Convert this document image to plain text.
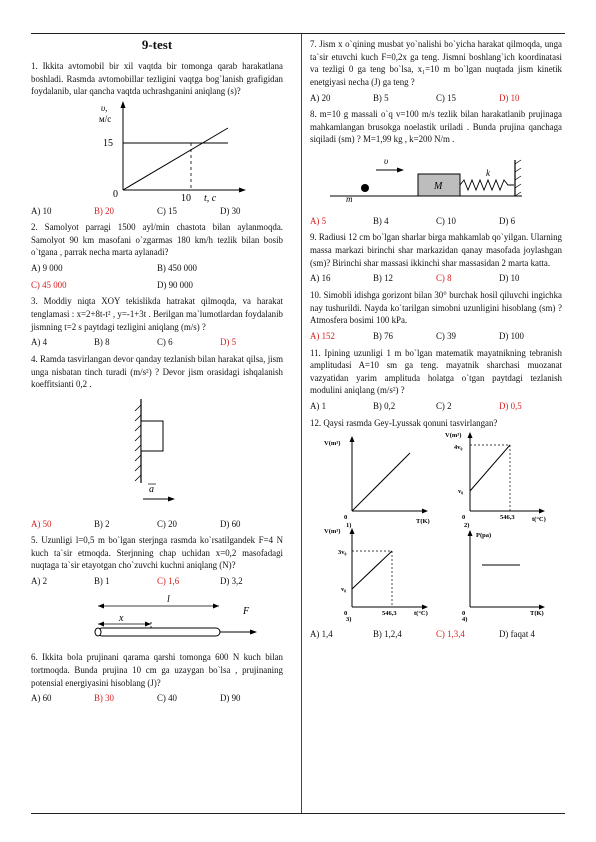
9-test

1. Ikkita avtomobil bir xil vaqtda bir tomonga qarab harakatlana boshladi. Rasmda avtomobillar tezligini vaqtga bog`lanish grafigidan foydalanib, ular qancha vaqtda uchrashganini aniqlang (s)?

υ,
м/с
15
0	10 t, c
A) 10	B) 20	C) 15	D) 30

2. Samolyot parragi 1500 ayl/min chastota bilan aylanmoqda. Samolyot 90 km masofani o`zgarmas 180 km/h tezlik bilan bosib o`tgana , parrak necha marta aylanadi?

A) 9 000	B) 450 000
C) 45 000	D) 90 000

3. Moddiy niqta XOY tekislikda hatrakat qilmoqda, va harakat tenglamasi : x=2+8t-t² , y=-1+3t . Berilgan ma`lumotlardan foydalanib jismning t=2 s paytdagi tezligini aniqlang (m/s) ?

A) 4	B) 8	C) 6	D) 5

4. Ramda tasvirlangan devor qanday tezlanish bilan harakat qilsa, jism unga nisbatan tinch turadi (m/s²) ? Devor jism orasidagi ishqalanish koeffitsianti 0,2 .

a
A) 50	B) 2	C) 20	D) 60

5. Uzunligi l=0,5 m bo`lgan sterjnga rasmda ko`rsatilgandek F=4 N kuch ta`sir etmoqda. Sterjnning chap uchidan x=0,2 masofadagi nuqtaga ta`sir etayotgan cho`zuvchi kuchni aniqlang (N)?

A) 2	B) 1	C) 1,6	D) 3,2
l
x
F

6. Ikkita bola prujinani qarama qarshi tomonga 600 N kuch bilan tortmoqda. Bunda prujina 10 cm ga uzaygan bo`lsa , prujinaning potensial energiyasini hisoblang (J)?

A) 60	B) 30	C) 40	D) 90

7. Jism x o`qining musbat yo`nalishi bo`yicha harakat qilmoqda, unga ta`sir etuvchi kuch F=0,2x ga teng. Jismni boshlang`ich koordinatasi va tezligi 0 ga teng bo`lsa, x₁=10 m bo`lgan nuqtada jism kinetik enetgiyasi necha (J) ga teng ?

A) 20	B) 5	C) 15	D) 10

8. m=10 g massali o`q v=100 m/s tezlik bilan harakatlanib prujinaga mahkamlangan brusokga noelastik uriladi . Bunda prujina qanchaga siqiladi (sm) ? M=1,99 kg , k=200 N/m .

m
υ
M
k
A) 5	B) 4	C) 10	D) 6

9. Radiusi 12 cm bo`lgan sharlar birga mahkamlab qo`yilgan. Ularning massa markazi birinchi shar markazidan qanay masofada joylashgan (sm)? Birinchi shar massasi ikkinchi shar massasidan 2 marta katta.

A) 16	B) 12	C) 8	D) 10

10. Simobli idishga gorizont bilan 30° burchak hosil qiluvchi ingichka nay tushurildi. Nayda ko`tarilgan simobni uzunligini hisoblang (sm) ? Atmosfera bosimi 100 kPa.

A) 152	B) 76	C) 39	D) 100

11. Ipining uzunligi 1 m bo`lgan matematik mayatnikning tebranish amplitudasi A=10 sm ga teng. mayatnik sharchasi muozanat vazyatidan yarim amplituda holatga o`tgan paytdagi tezlanish modulini aniqlang (m/s²) ?

A) 1	B) 0,2	C) 2	D) 0,5

12. Qaysi rasmda Gey-Lyussak qonuni tasvirlangan?

V(m³)
0
T(K)
1)
V(m³)
4v₀
v₀
0	546,3	t(°C)
2)
V(m³)
3v₀
v₀
0	546,3	t(°C)
3)
P(pa)
0	T(K)
4)
A) 1,4	B) 1,2,4	C) 1,3,4	D) faqat 4
